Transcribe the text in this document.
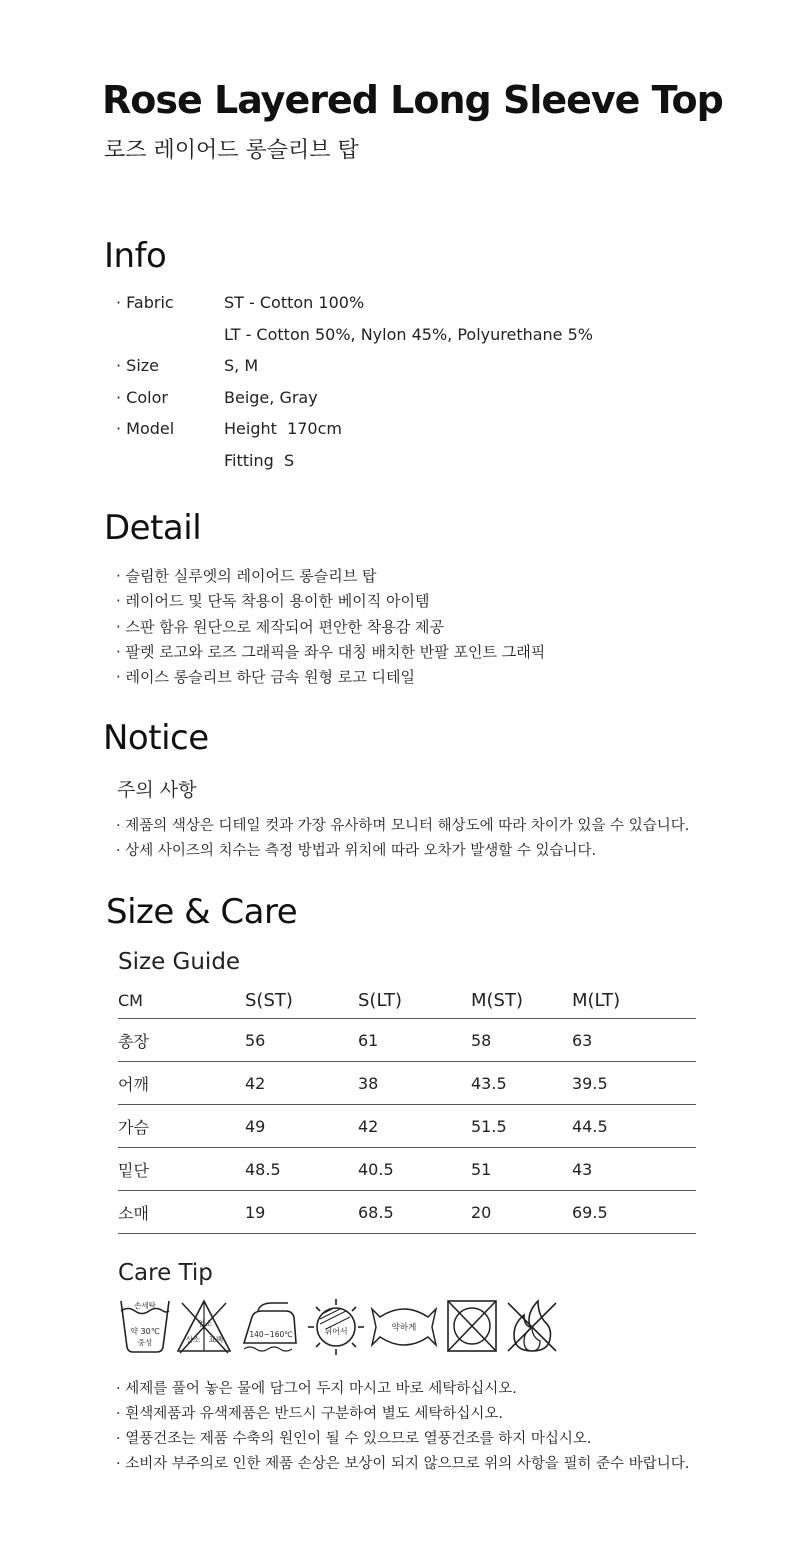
Rose Layered Long Sleeve Top
로즈 레이어드 롱슬리브 탑
Info
· Fabric	ST - Cotton 100%
LT - Cotton 50%, Nylon 45%, Polyurethane 5%
· Size	S, M
· Color	Beige, Gray
· Model	Height  170cm
Fitting  S
Detail
· 슬림한 실루엣의 레이어드 롱슬리브 탑
· 레이어드 및 단독 착용이 용이한 베이직 아이템
· 스판 함유 원단으로 제작되어 편안한 착용감 제공
· 팔렛 로고와 로즈 그래픽을 좌우 대칭 배치한 반팔 포인트 그래픽
· 레이스 롱슬리브 하단 금속 원형 로고 디테일
Notice
주의 사항
· 제품의 색상은 디테일 컷과 가장 유사하며 모니터 해상도에 따라 차이가 있을 수 있습니다.
· 상세 사이즈의 치수는 측정 방법과 위치에 따라 오차가 발생할 수 있습니다.
Size & Care
Size Guide
CM	S(ST)	S(LT)	M(ST)	M(LT)
총장	56	61	58	63
어깨	42	38	43.5	39.5
가슴	49	42	51.5	44.5
밑단	48.5	40.5	51	43
소매	19	68.5	20	69.5
Care Tip
손세탁
약 30℃
중성
염소
산소 표백
140~160℃	뉘어서	약하게
· 세제를 풀어 놓은 물에 담그어 두지 마시고 바로 세탁하십시오.
· 흰색제품과 유색제품은 반드시 구분하여 별도 세탁하십시오.
· 열풍건조는 제품 수축의 원인이 될 수 있으므로 열풍건조를 하지 마십시오.
· 소비자 부주의로 인한 제품 손상은 보상이 되지 않으므로 위의 사항을 필히 준수 바랍니다.
